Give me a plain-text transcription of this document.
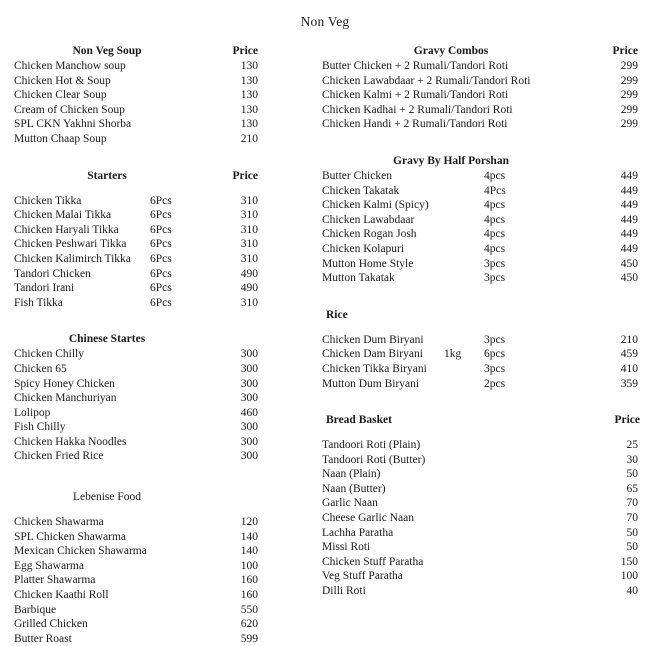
Non Veg
Non Veg Soup	Price
Chicken Manchow soup	130
Chicken Hot & Soup	130
Chicken Clear Soup	130
Cream of Chicken Soup	130
SPL CKN Yakhni Shorba	130
Mutton Chaap Soup	210
Starters	Price
Chicken Tikka	6Pcs	310
Chicken Malai Tikka	6Pcs	310
Chicken Haryali Tikka	6Pcs	310
Chicken Peshwari Tikka	6Pcs	310
Chicken Kalimirch Tikka	6Pcs	310
Tandori Chicken	6Pcs	490
Tandori Irani	6Pcs	490
Fish Tikka	6Pcs	310
Chinese Startes
Chicken Chilly	300
Chicken 65	300
Spicy Honey Chicken	300
Chicken Manchuriyan	300
Lolipop	460
Fish Chilly	300
Chicken Hakka Noodles	300
Chicken Fried Rice	300
Lebenise Food
Chicken Shawarma	120
SPL Chicken Shawarma	140
Mexican Chicken Shawarma	140
Egg Shawarma	100
Platter Shawarma	160
Chicken Kaathi Roll	160
Barbique	550
Grilled Chicken	620
Butter Roast	599
Gravy Combos	Price
Butter Chicken + 2 Rumali/Tandori Roti	299
Chicken Lawabdaar + 2 Rumali/Tandori Roti	299
Chicken Kalmi + 2 Rumali/Tandori Roti	299
Chicken Kadhai + 2 Rumali/Tandori Roti	299
Chicken Handi + 2 Rumali/Tandori Roti	299
Gravy By Half Porshan
Butter Chicken	4pcs	449
Chicken Takatak	4Pcs	449
Chicken Kalmi (Spicy)	4pcs	449
Chicken Lawabdaar	4pcs	449
Chicken Rogan Josh	4pcs	449
Chicken Kolapuri	4pcs	449
Mutton Home Style	3pcs	450
Mutton Takatak	3pcs	450
Rice
Chicken Dum Biryani	3pcs	210
Chicken Dam Biryani	1kg	6pcs	459
Chicken Tikka Biryani	3pcs	410
Mutton Dum Biryani	2pcs	359
Bread Basket	Price
Tandoori Roti (Plain)	25
Tandoori Roti (Butter)	30
Naan (Plain)	50
Naan (Butter)	65
Garlic Naan	70
Cheese Garlic Naan	70
Lachha Paratha	50
Missi Roti	50
Chicken Stuff Paratha	150
Veg Stuff Paratha	100
Dilli Roti	40
